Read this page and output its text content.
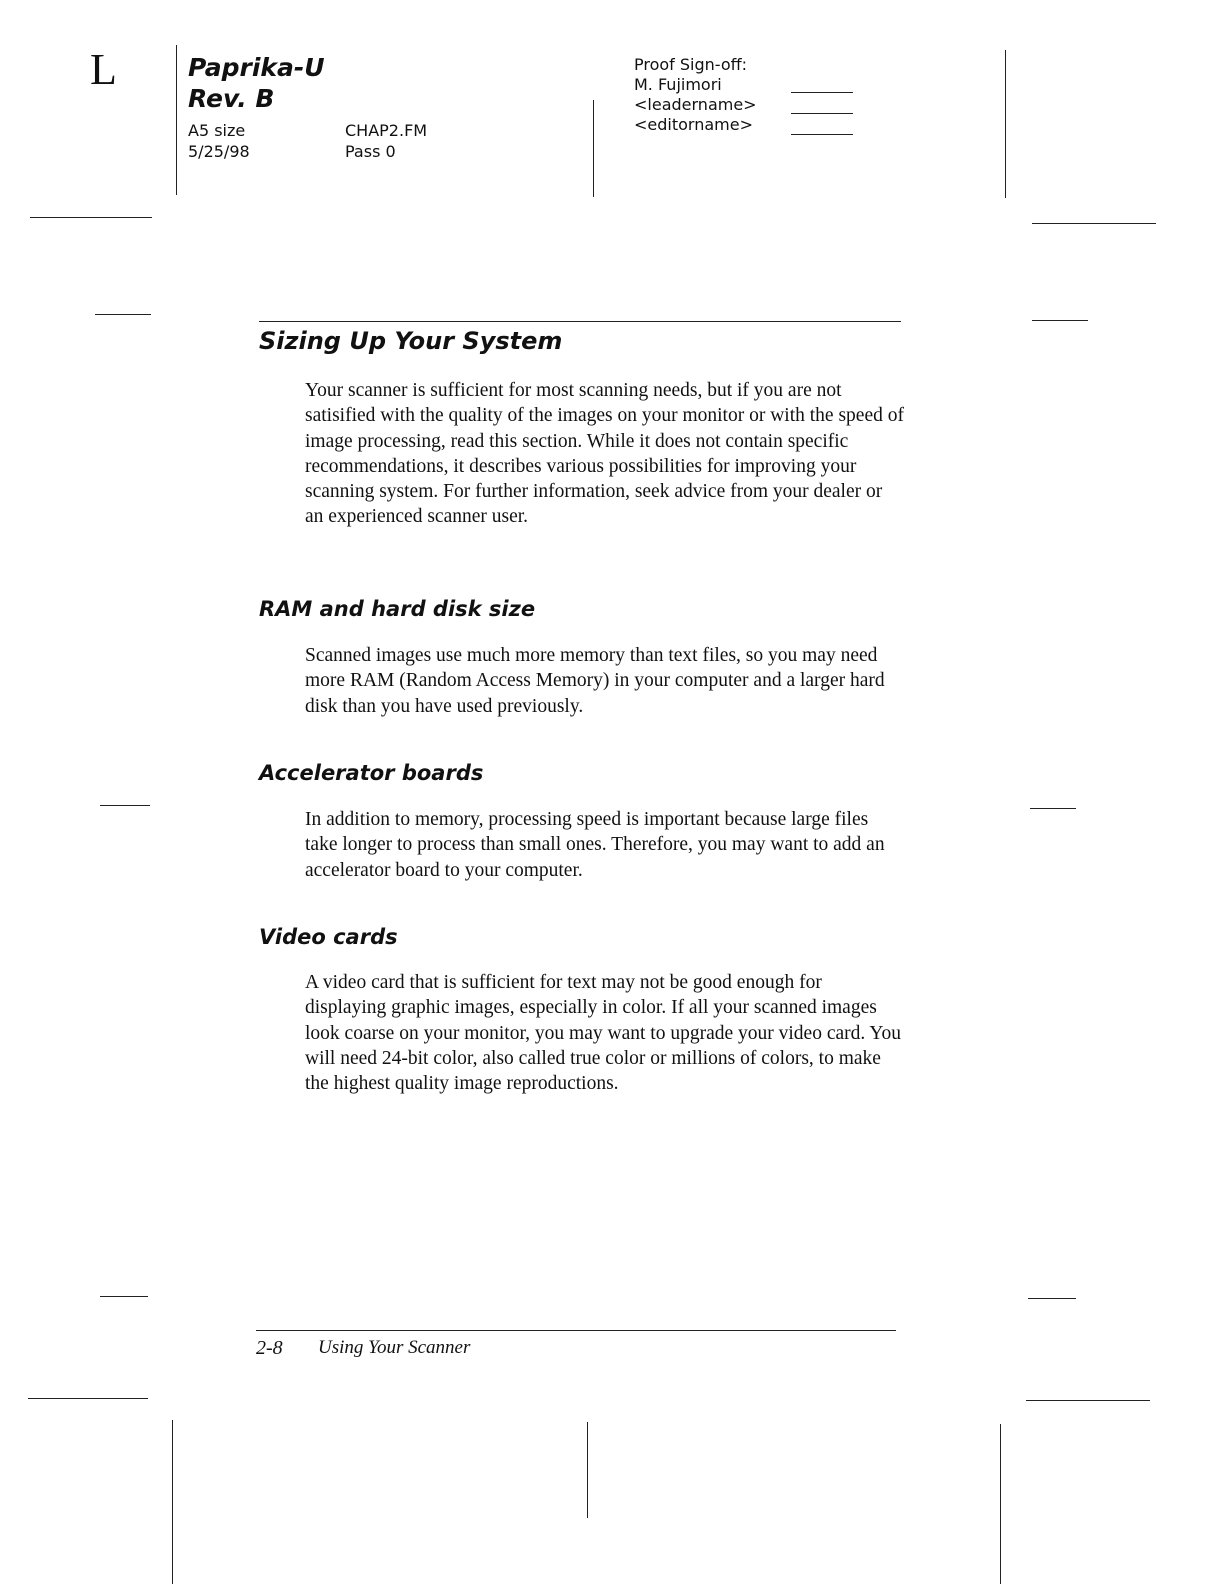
L	Paprika-U
Rev. B
A5 size
5/25/98
CHAP2.FM
Pass 0
Proof Sign-off:
M. Fujimori
<leadername>
<editorname>
Sizing Up Your System

Your scanner is sufficient for most scanning needs, but if you are not satisified with the quality of the images on your monitor or with the speed of image processing, read this section. While it does not contain specific recommendations, it describes various possibilities for improving your scanning system. For further information, seek advice from your dealer or an experienced scanner user.

RAM and hard disk size

Scanned images use much more memory than text files, so you may need more RAM (Random Access Memory) in your computer and a larger hard disk than you have used previously.

Accelerator boards

In addition to memory, processing speed is important because large files take longer to process than small ones. Therefore, you may want to add an accelerator board to your computer.

Video cards

A video card that is sufficient for text may not be good enough for displaying graphic images, especially in color. If all your scanned images look coarse on your monitor, you may want to upgrade your video card. You will need 24-bit color, also called true color or millions of colors, to make the highest quality image reproductions.

2-8 Using Your Scanner
